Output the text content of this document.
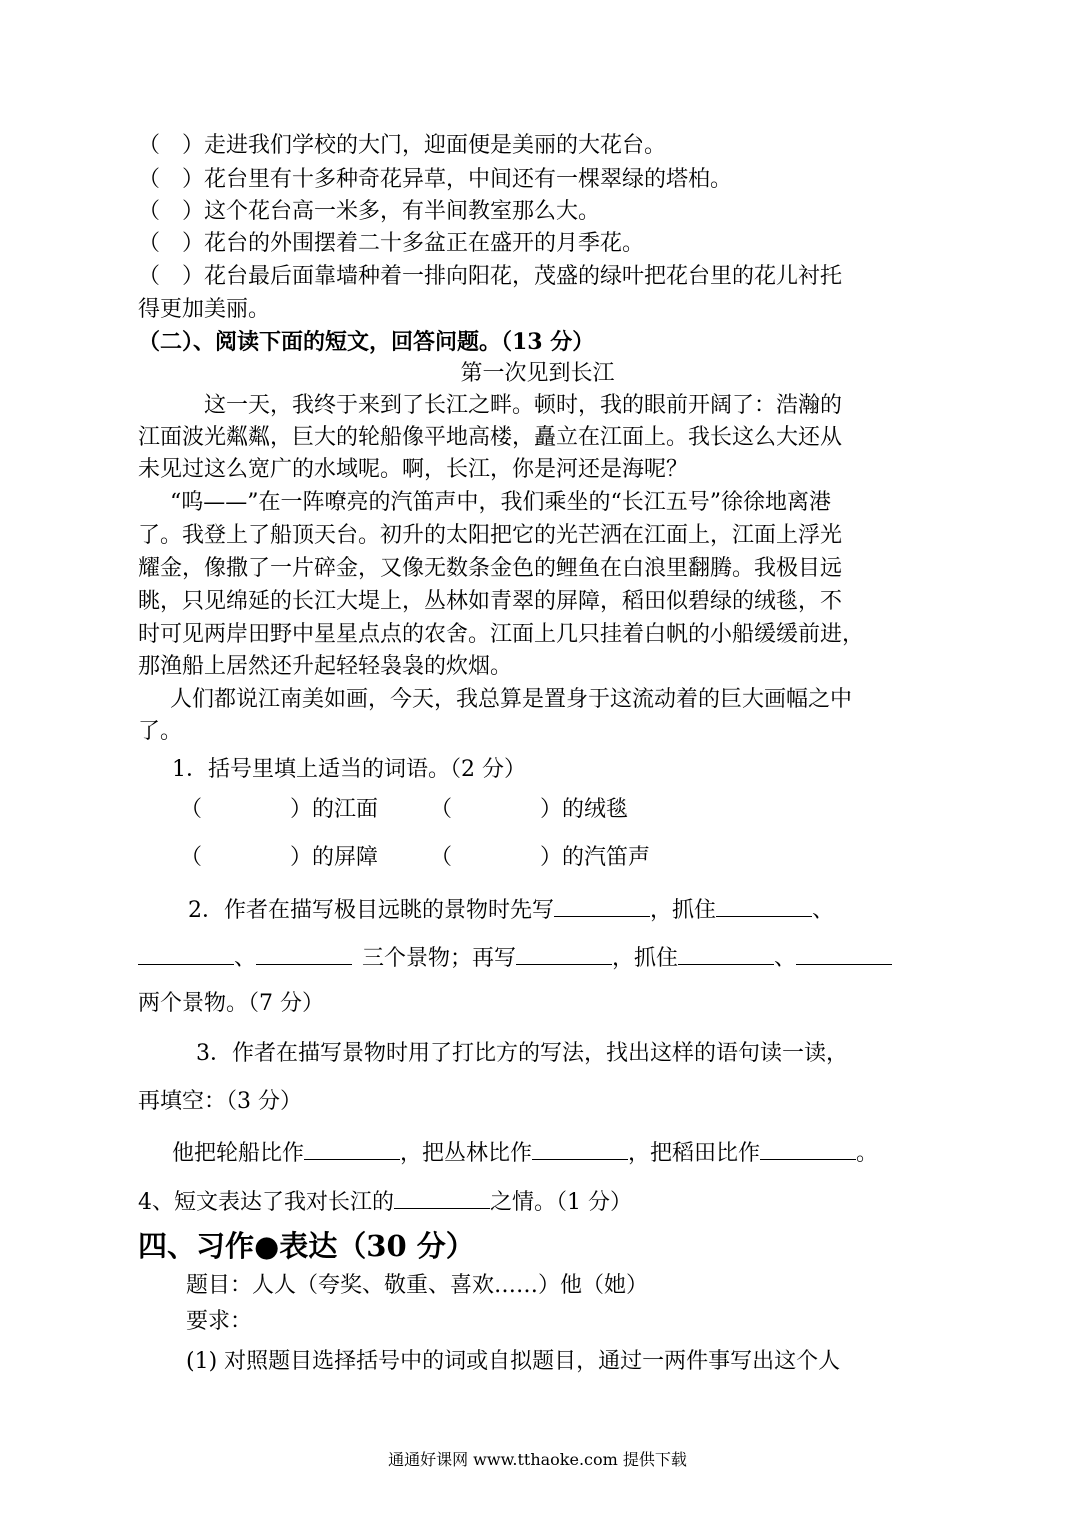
（　）走进我们学校的大门，迎面便是美丽的大花台。
（　）花台里有十多种奇花异草，中间还有一棵翠绿的塔柏。
（　）这个花台高一米多，有半间教室那么大。
（　）花台的外围摆着二十多盆正在盛开的月季花。
（　）花台最后面靠墙种着一排向阳花，茂盛的绿叶把花台里的花儿衬托
得更加美丽。
（二）、阅读下面的短文，回答问题。（13 分）
第一次见到长江
这一天，我终于来到了长江之畔。顿时，我的眼前开阔了：浩瀚的
江面波光粼粼，巨大的轮船像平地高楼，矗立在江面上。我长这么大还从
未见过这么宽广的水域呢。啊，长江，你是河还是海呢？
“呜——”在一阵嘹亮的汽笛声中，我们乘坐的“长江五号”徐徐地离港
了。我登上了船顶天台。初升的太阳把它的光芒洒在江面上，江面上浮光
耀金，像撒了一片碎金，又像无数条金色的鲤鱼在白浪里翻腾。我极目远
眺，只见绵延的长江大堤上，丛林如青翠的屏障，稻田似碧绿的绒毯，不
时可见两岸田野中星星点点的农舍。江面上几只挂着白帆的小船缓缓前进，
那渔船上居然还升起轻轻袅袅的炊烟。
人们都说江南美如画，今天，我总算是置身于这流动着的巨大画幅之中
了。
1．括号里填上适当的词语。（2 分）
（　　　　）的江面	（　　　　）的绒毯
（　　　　）的屏障	（　　　　）的汽笛声
2．作者在描写极目远眺的景物时先写	，抓住	、
、	三个景物；再写	，抓住	、
两个景物。（7 分）
3．作者在描写景物时用了打比方的写法，找出这样的语句读一读，
再填空：（3 分）
他把轮船比作	，把丛林比作	，把稻田比作	。
4、短文表达了我对长江的	之情。（1 分）
四、习作●表达（30 分）
题目：人人（夸奖、敬重、喜欢……）他（她）
要求：
(1) 对照题目选择括号中的词或自拟题目，通过一两件事写出这个人
通通好课网 www.tthaoke.com 提供下载
